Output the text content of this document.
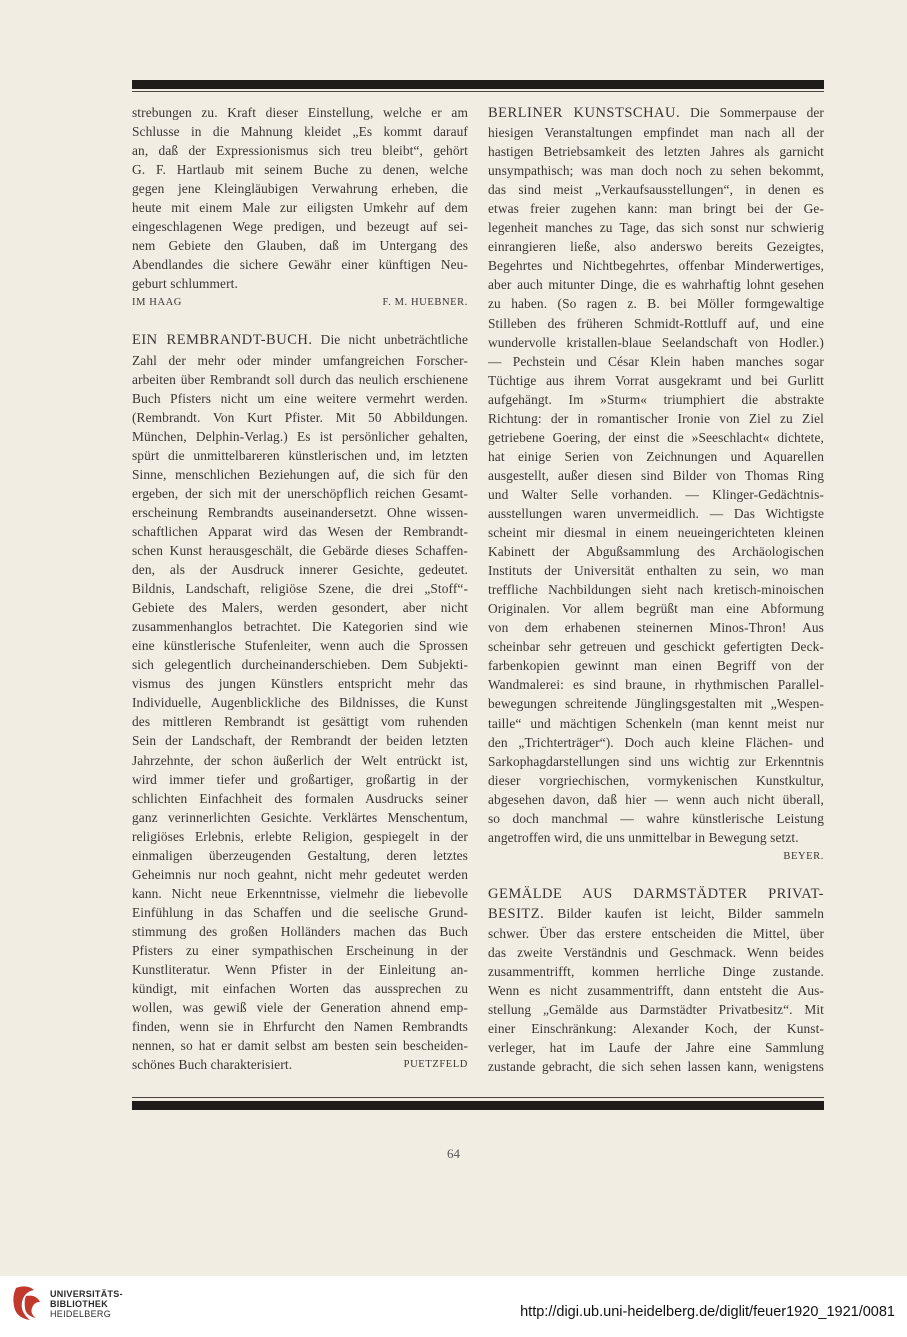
strebungen zu. Kraft dieser Einstellung, welche er am
Schlusse in die Mahnung kleidet „Es kommt darauf
an, daß der Expressionismus sich treu bleibt“, gehört
G. F. Hartlaub mit seinem Buche zu denen, welche
gegen jene Kleingläubigen Verwahrung erheben, die
heute mit einem Male zur eiligsten Umkehr auf dem
eingeschlagenen Wege predigen, und bezeugt auf sei-
nem Gebiete den Glauben, daß im Untergang des
Abendlandes die sichere Gewähr einer künftigen Neu-
geburt schlummert.
IM HAAG	F. M. HUEBNER.
EIN REMBRANDT-BUCH. Die nicht unbeträchtliche
Zahl der mehr oder minder umfangreichen Forscher-
arbeiten über Rembrandt soll durch das neulich erschienene
Buch Pfisters nicht um eine weitere vermehrt werden.
(Rembrandt. Von Kurt Pfister. Mit 50 Abbildungen.
München, Delphin-Verlag.) Es ist persönlicher gehalten,
spürt die unmittelbareren künstlerischen und, im letzten
Sinne, menschlichen Beziehungen auf, die sich für den
ergeben, der sich mit der unerschöpflich reichen Gesamt-
erscheinung Rembrandts auseinandersetzt. Ohne wissen-
schaftlichen Apparat wird das Wesen der Rembrandt-
schen Kunst herausgeschält, die Gebärde dieses Schaffen-
den, als der Ausdruck innerer Gesichte, gedeutet.
Bildnis, Landschaft, religiöse Szene, die drei „Stoff“-
Gebiete des Malers, werden gesondert, aber nicht
zusammenhanglos betrachtet. Die Kategorien sind wie
eine künstlerische Stufenleiter, wenn auch die Sprossen
sich gelegentlich durcheinanderschieben. Dem Subjekti-
vismus des jungen Künstlers entspricht mehr das
Individuelle, Augenblickliche des Bildnisses, die Kunst
des mittleren Rembrandt ist gesättigt vom ruhenden
Sein der Landschaft, der Rembrandt der beiden letzten
Jahrzehnte, der schon äußerlich der Welt entrückt ist,
wird immer tiefer und großartiger, großartig in der
schlichten Einfachheit des formalen Ausdrucks seiner
ganz verinnerlichten Gesichte. Verklärtes Menschentum,
religiöses Erlebnis, erlebte Religion, gespiegelt in der
einmaligen überzeugenden Gestaltung, deren letztes
Geheimnis nur noch geahnt, nicht mehr gedeutet werden
kann. Nicht neue Erkenntnisse, vielmehr die liebevolle
Einfühlung in das Schaffen und die seelische Grund-
stimmung des großen Holländers machen das Buch
Pfisters zu einer sympathischen Erscheinung in der
Kunstliteratur. Wenn Pfister in der Einleitung an-
kündigt, mit einfachen Worten das aussprechen zu
wollen, was gewiß viele der Generation ahnend emp-
finden, wenn sie in Ehrfurcht den Namen Rembrandts
nennen, so hat er damit selbst am besten sein bescheiden-
schönes Buch charakterisiert.	PUETZFELD
BERLINER KUNSTSCHAU. Die Sommerpause der
hiesigen Veranstaltungen empfindet man nach all der
hastigen Betriebsamkeit des letzten Jahres als garnicht
unsympathisch; was man doch noch zu sehen bekommt,
das sind meist „Verkaufsausstellungen“, in denen es
etwas freier zugehen kann: man bringt bei der Ge-
legenheit manches zu Tage, das sich sonst nur schwierig
einrangieren ließe, also anderswo bereits Gezeigtes,
Begehrtes und Nichtbegehrtes, offenbar Minderwertiges,
aber auch mitunter Dinge, die es wahrhaftig lohnt gesehen
zu haben. (So ragen z. B. bei Möller formgewaltige
Stilleben des früheren Schmidt-Rottluff auf, und eine
wundervolle kristallen-blaue Seelandschaft von Hodler.)
— Pechstein und César Klein haben manches sogar
Tüchtige aus ihrem Vorrat ausgekramt und bei Gurlitt
aufgehängt. Im »Sturm« triumphiert die abstrakte
Richtung: der in romantischer Ironie von Ziel zu Ziel
getriebene Goering, der einst die »Seeschlacht« dichtete,
hat einige Serien von Zeichnungen und Aquarellen
ausgestellt, außer diesen sind Bilder von Thomas Ring
und Walter Selle vorhanden. — Klinger-Gedächtnis-
ausstellungen waren unvermeidlich. — Das Wichtigste
scheint mir diesmal in einem neueingerichteten kleinen
Kabinett der Abgußsammlung des Archäologischen
Instituts der Universität enthalten zu sein, wo man
treffliche Nachbildungen sieht nach kretisch-minoischen
Originalen. Vor allem begrüßt man eine Abformung
von dem erhabenen steinernen Minos-Thron! Aus
scheinbar sehr getreuen und geschickt gefertigten Deck-
farbenkopien gewinnt man einen Begriff von der
Wandmalerei: es sind braune, in rhythmischen Parallel-
bewegungen schreitende Jünglingsgestalten mit „Wespen-
taille“ und mächtigen Schenkeln (man kennt meist nur
den „Trichterträger“). Doch auch kleine Flächen- und
Sarkophagdarstellungen sind uns wichtig zur Erkenntnis
dieser vorgriechischen, vormykenischen Kunstkultur,
abgesehen davon, daß hier — wenn auch nicht überall,
so doch manchmal — wahre künstlerische Leistung
angetroffen wird, die uns unmittelbar in Bewegung setzt.
BEYER.
GEMÄLDE AUS DARMSTÄDTER PRIVAT-
BESITZ. Bilder kaufen ist leicht, Bilder sammeln
schwer. Über das erstere entscheiden die Mittel, über
das zweite Verständnis und Geschmack. Wenn beides
zusammentrifft, kommen herrliche Dinge zustande.
Wenn es nicht zusammentrifft, dann entsteht die Aus-
stellung „Gemälde aus Darmstädter Privatbesitz“. Mit
einer Einschränkung: Alexander Koch, der Kunst-
verleger, hat im Laufe der Jahre eine Sammlung
zustande gebracht, die sich sehen lassen kann, wenigstens
64
UNIVERSITÄTS-
BIBLIOTHEK
HEIDELBERG	http://digi.ub.uni-heidelberg.de/diglit/feuer1920_1921/0081
